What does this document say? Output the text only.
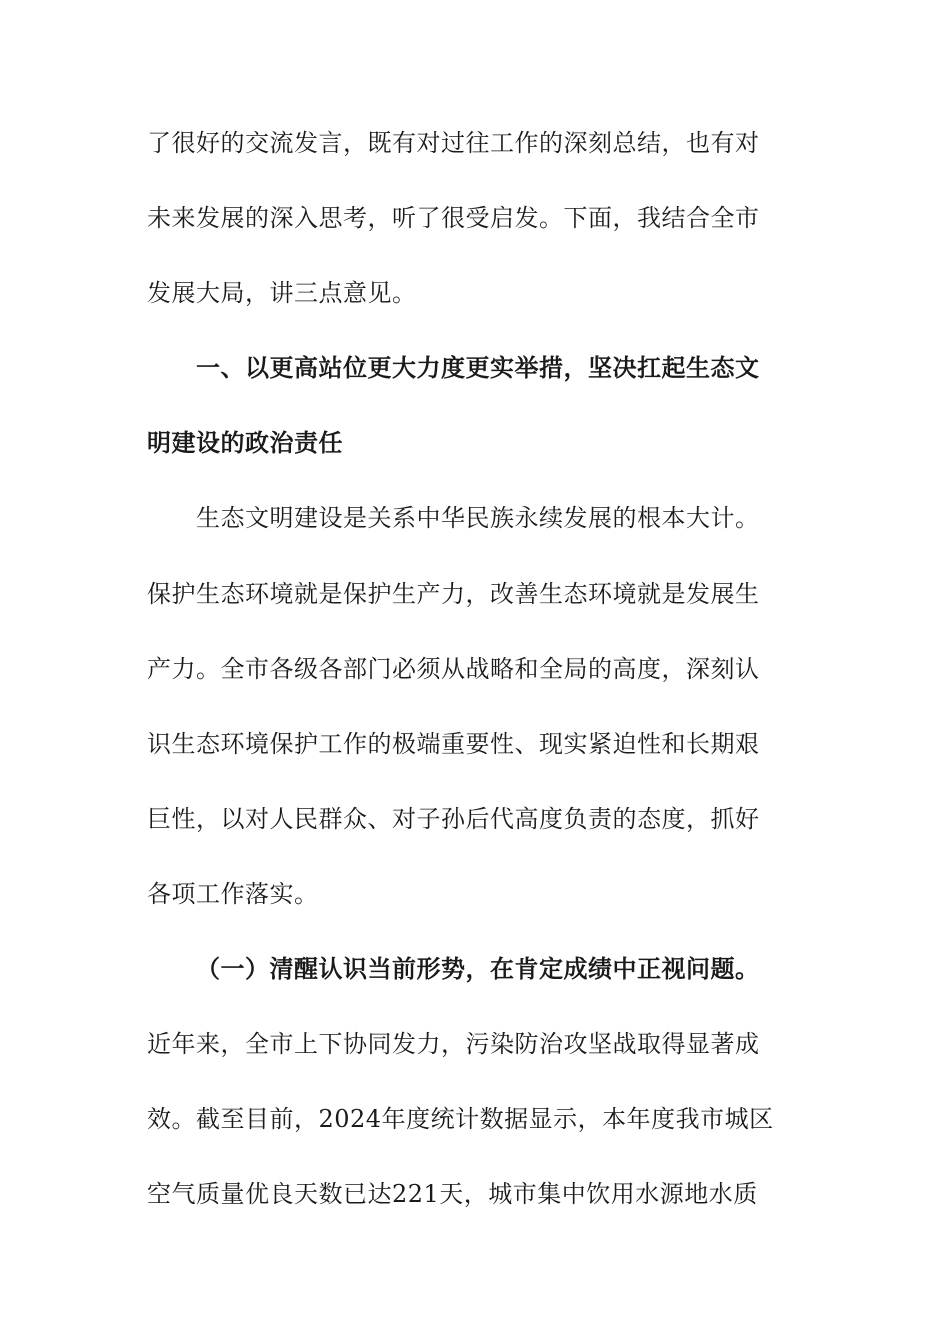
了很好的交流发言，既有对过往工作的深刻总结，也有对
未来发展的深入思考，听了很受启发。下面，我结合全市
发展大局，讲三点意见。
一、以更高站位更大力度更实举措，坚决扛起生态文
明建设的政治责任
生态文明建设是关系中华民族永续发展的根本大计。
保护生态环境就是保护生产力，改善生态环境就是发展生
产力。全市各级各部门必须从战略和全局的高度，深刻认
识生态环境保护工作的极端重要性、现实紧迫性和长期艰
巨性，以对人民群众、对子孙后代高度负责的态度，抓好
各项工作落实。
（一）清醒认识当前形势，在肯定成绩中正视问题。
近年来，全市上下协同发力，污染防治攻坚战取得显著成
效。截至目前，2024年度统计数据显示，本年度我市城区
空气质量优良天数已达221天，城市集中饮用水源地水质
